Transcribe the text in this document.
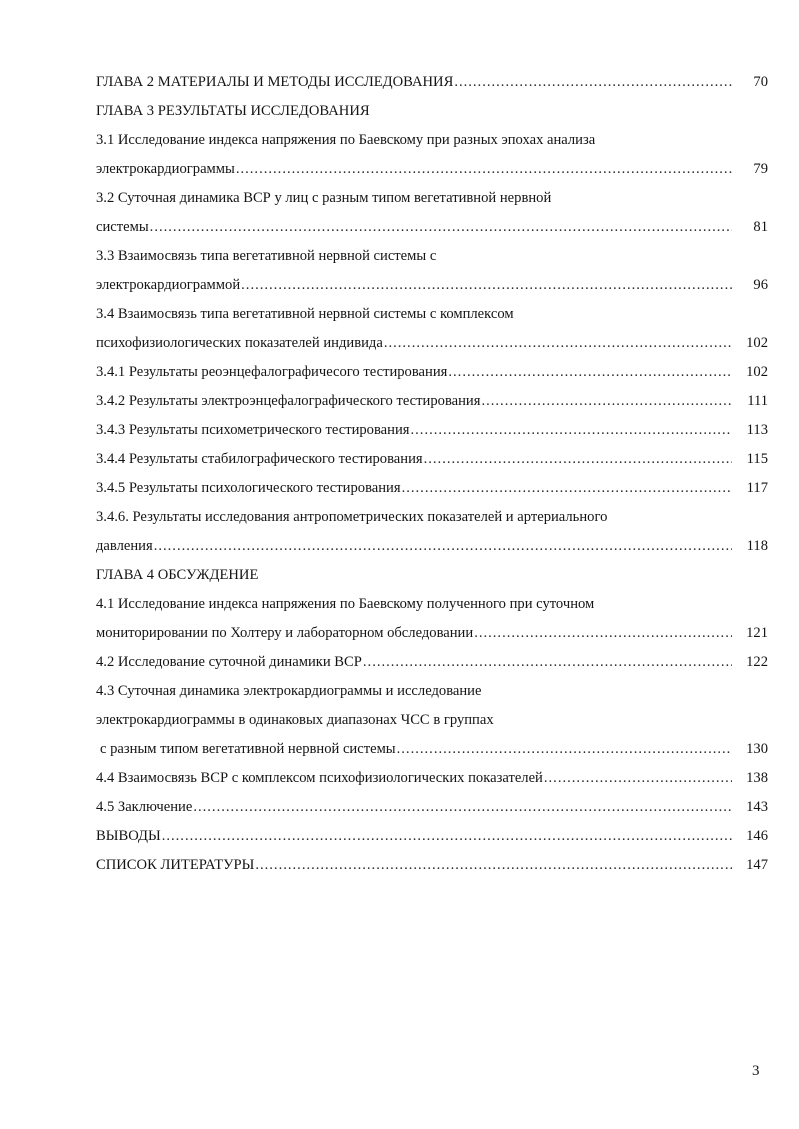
ГЛАВА 2 МАТЕРИАЛЫ И МЕТОДЫ ИССЛЕДОВАНИЯ .....	70
ГЛАВА 3 РЕЗУЛЬТАТЫ ИССЛЕДОВАНИЯ
3.1 Исследование индекса напряжения по Баевскому при разных эпохах анализа
электрокардиограммы .....	79
3.2 Суточная динамика ВСР у лиц с разным типом вегетативной нервной
системы .....	81
3.3 Взаимосвязь типа вегетативной нервной системы с
электрокардиограммой .....	96
3.4 Взаимосвязь типа вегетативной нервной системы с комплексом
психофизиологических показателей индивида .....	102
3.4.1 Результаты реоэнцефалографичесого тестирования .....	102
3.4.2 Результаты электроэнцефалографического тестирования .....	111
3.4.3 Результаты психометрического тестирования .....	113
3.4.4 Результаты стабилографического тестирования .....	115
3.4.5 Результаты психологического тестирования .....	117
3.4.6. Результаты исследования антропометрических показателей и артериального
давления .....	118
ГЛАВА 4 ОБСУЖДЕНИЕ
4.1 Исследование индекса напряжения по Баевскому полученного при суточном
мониторировании по Холтеру и лабораторном обследовании .....	121
4.2 Исследование суточной динамики ВСР .....	122
4.3 Суточная динамика электрокардиограммы и исследование
электрокардиограммы в одинаковых диапазонах ЧСС в группах
с разным типом вегетативной нервной системы .....	130
4.4 Взаимосвязь ВСР с комплексом психофизиологических показателей .....	138
4.5 Заключение .....	143
ВЫВОДЫ .....	146
СПИСОК ЛИТЕРАТУРЫ .....	147
3
